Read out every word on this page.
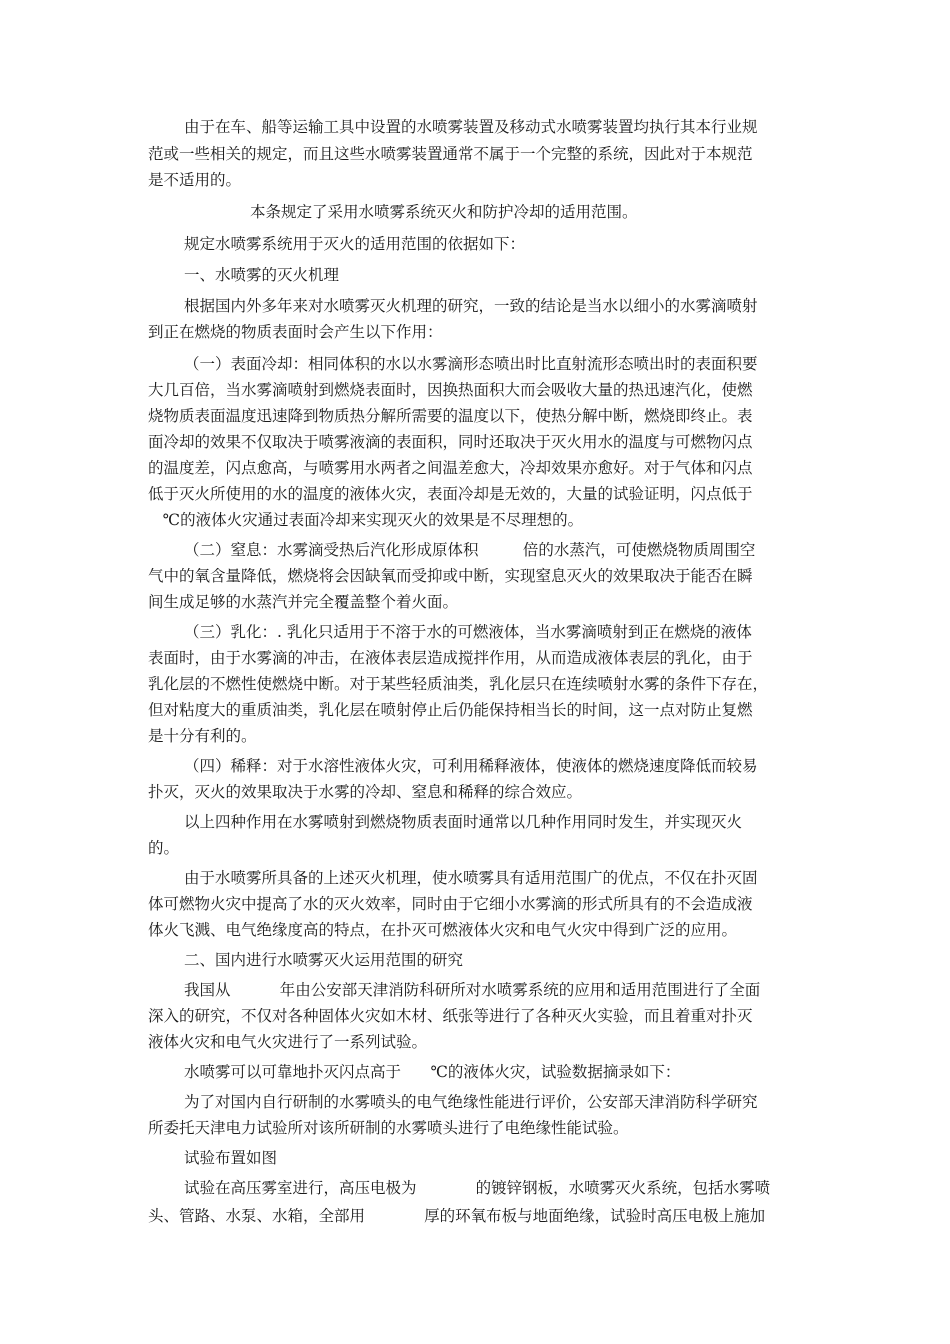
由于在车、船等运输工具中设置的水喷雾装置及移动式水喷雾装置均执行其本行业规
范或一些相关的规定，而且这些水喷雾装置通常不属于一个完整的系统，因此对于本规范
是不适用的。
本条规定了采用水喷雾系统灭火和防护冷却的适用范围。
规定水喷雾系统用于灭火的适用范围的依据如下：
一、水喷雾的灭火机理
根据国内外多年来对水喷雾灭火机理的研究，一致的结论是当水以细小的水雾滴喷射
到正在燃烧的物质表面时会产生以下作用：
（一）表面冷却：相同体积的水以水雾滴形态喷出时比直射流形态喷出时的表面积要
大几百倍，当水雾滴喷射到燃烧表面时，因换热面积大而会吸收大量的热迅速汽化，使燃
烧物质表面温度迅速降到物质热分解所需要的温度以下，使热分解中断，燃烧即终止。表
面冷却的效果不仅取决于喷雾液滴的表面积，同时还取决于灭火用水的温度与可燃物闪点
的温度差，闪点愈高，与喷雾用水两者之间温差愈大，冷却效果亦愈好。对于气体和闪点
低于灭火所使用的水的温度的液体火灾，表面冷却是无效的，大量的试验证明，闪点低于
℃的液体火灾通过表面冷却来实现灭火的效果是不尽理想的。
（二）窒息：水雾滴受热后汽化形成原体积         倍的水蒸汽，可使燃烧物质周围空
气中的氧含量降低，燃烧将会因缺氧而受抑或中断，实现窒息灭火的效果取决于能否在瞬
间生成足够的水蒸汽并完全覆盖整个着火面。
（三）乳化：. 乳化只适用于不溶于水的可燃液体，当水雾滴喷射到正在燃烧的液体
表面时，由于水雾滴的冲击，在液体表层造成搅拌作用，从而造成液体表层的乳化，由于
乳化层的不燃性使燃烧中断。对于某些轻质油类，乳化层只在连续喷射水雾的条件下存在，
但对粘度大的重质油类，乳化层在喷射停止后仍能保持相当长的时间，这一点对防止复燃
是十分有利的。
（四）稀释：对于水溶性液体火灾，可利用稀释液体，使液体的燃烧速度降低而较易
扑灭，灭火的效果取决于水雾的冷却、窒息和稀释的综合效应。
以上四种作用在水雾喷射到燃烧物质表面时通常以几种作用同时发生，并实现灭火
的。
由于水喷雾所具备的上述灭火机理，使水喷雾具有适用范围广的优点，不仅在扑灭固
体可燃物火灾中提高了水的灭火效率，同时由于它细小水雾滴的形式所具有的不会造成液
体火飞溅、电气绝缘度高的特点，在扑灭可燃液体火灾和电气火灾中得到广泛的应用。
二、国内进行水喷雾灭火运用范围的研究
我国从          年由公安部天津消防科研所对水喷雾系统的应用和适用范围进行了全面
深入的研究，不仅对各种固体火灾如木材、纸张等进行了各种灭火实验，而且着重对扑灭
液体火灾和电气火灾进行了一系列试验。
水喷雾可以可靠地扑灭闪点高于      ℃的液体火灾，试验数据摘录如下：
为了对国内自行研制的水雾喷头的电气绝缘性能进行评价，公安部天津消防科学研究
所委托天津电力试验所对该所研制的水雾喷头进行了电绝缘性能试验。
试验布置如图
试验在高压雾室进行，高压电极为            的镀锌钢板，水喷雾灭火系统，包括水雾喷
头、管路、水泵、水箱，全部用            厚的环氧布板与地面绝缘，试验时高压电极上施加
